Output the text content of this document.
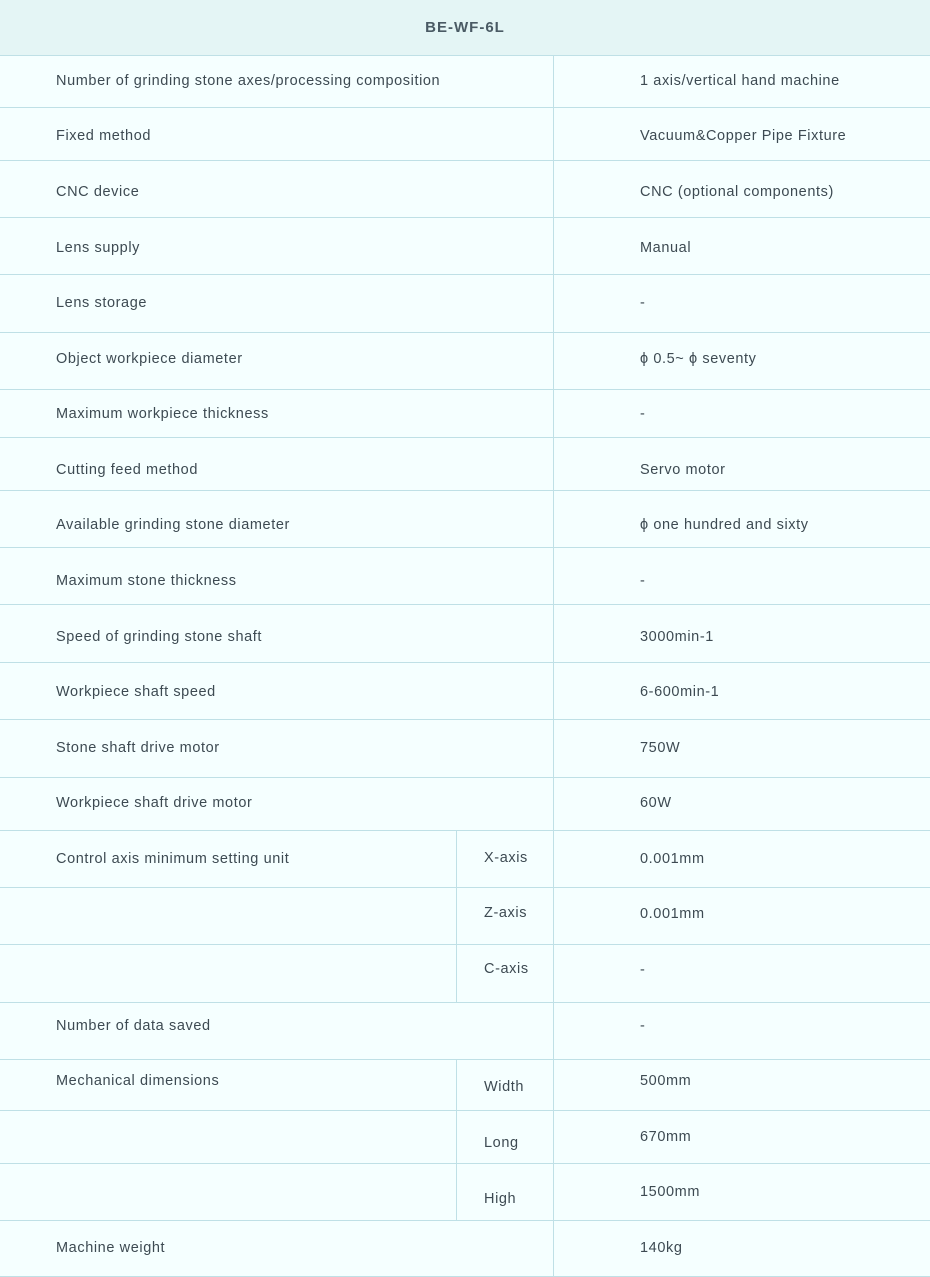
BE-WF-6L
Number of grinding stone axes/processing composition	1 axis/vertical hand machine
Fixed method	Vacuum&Copper Pipe Fixture
CNC device	CNC (optional components)
Lens supply	Manual
Lens storage	-
Object workpiece diameter	ϕ 0.5~ ϕ seventy
Maximum workpiece thickness	-
Cutting feed method	Servo motor
Available grinding stone diameter	ϕ one hundred and sixty
Maximum stone thickness	-
Speed of grinding stone shaft	3000min-1
Workpiece shaft speed	6-600min-1
Stone shaft drive motor	750W
Workpiece shaft drive motor	60W
Control axis minimum setting unit	X-axis	0.001mm
Z-axis	0.001mm
C-axis	-
Number of data saved	-
Mechanical dimensions	Width	500mm
Long	670mm
High	1500mm
Machine weight	140kg
